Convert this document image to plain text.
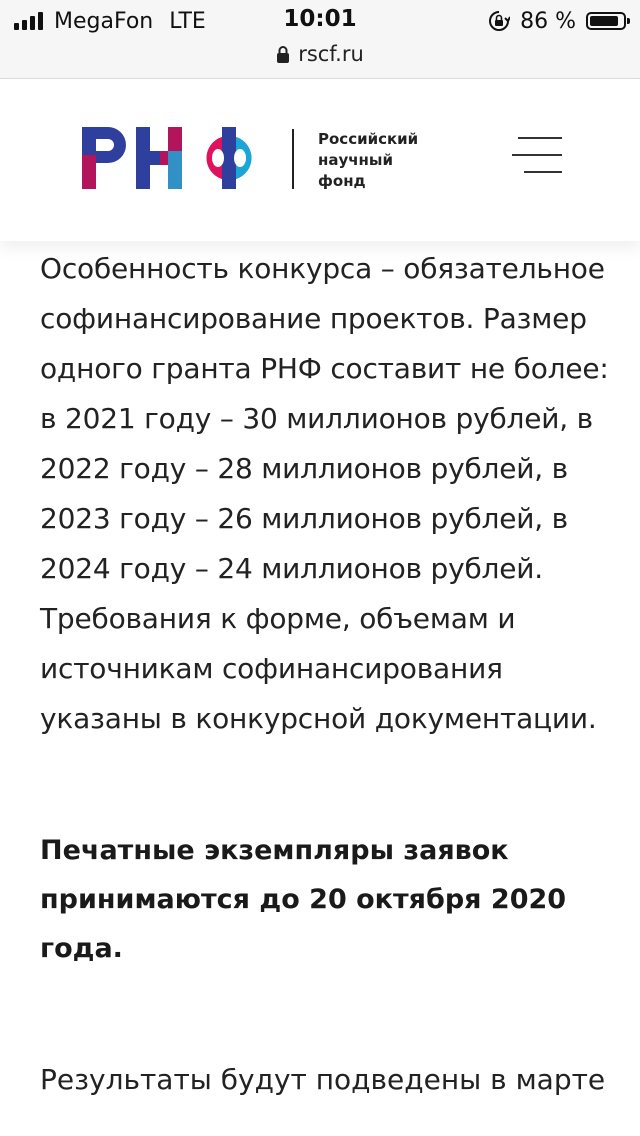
MegaFon LTE	10:01	86 %
rscf.ru
Российский
научный
фонд

Особенность конкурса – обязательное софинансирование проектов. Размер одного гранта РНФ составит не более: в 2021 году – 30 миллионов рублей, в 2022 году – 28 миллионов рублей, в 2023 году – 26 миллионов рублей, в 2024 году – 24 миллионов рублей. Требования к форме, объемам и источникам софинансирования указаны в конкурсной документации.

Печатные экземпляры заявок принимаются до 20 октября 2020 года.

Результаты будут подведены в марте
